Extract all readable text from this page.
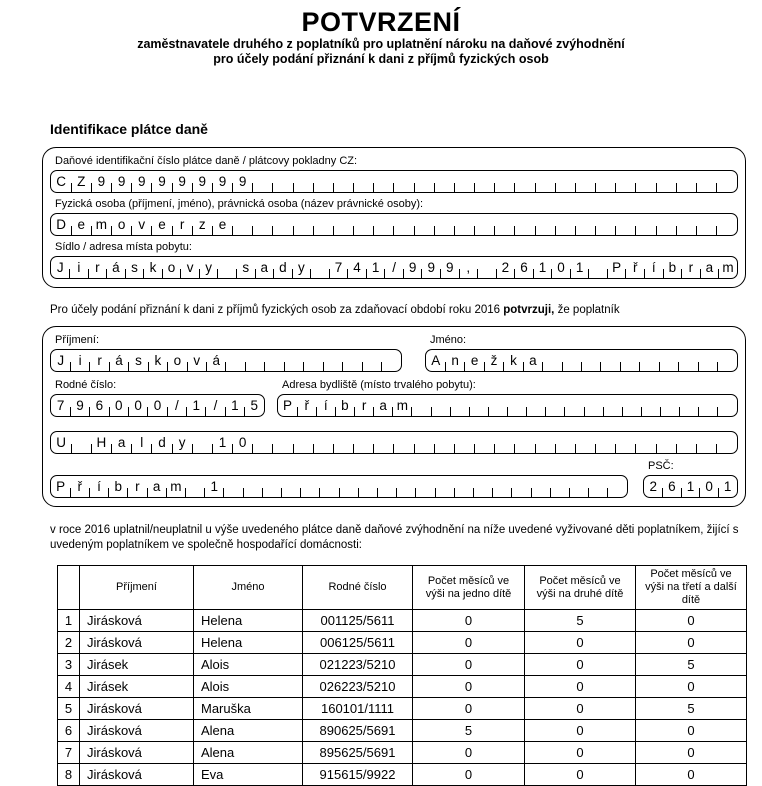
POTVRZENÍ
zaměstnavatele druhého z poplatníků pro uplatnění nároku na daňové zvýhodnění
pro účely podání přiznání k dani z příjmů fyzických osob
Identifikace plátce daně
Daňové identifikační číslo plátce daně / plátcovy pokladny CZ:
C Z 9 9 9 9 9 9 9 9
Fyzická osoba (příjmení, jméno), právnická osoba (název právnické osoby):
D e m o v e	r	z e
Sídlo / adresa místa pobytu:
J	i	r á s k o v y	s a d y	7 4 1 / 9 9 9 ,	2 6 1 0 1	P ř	í b r a m

Pro účely podání přiznání k dani z příjmů fyzických osob za zdaňovací období roku 2016 potvrzuji, že poplatník

Příjmení:
J	i	r á s k o v á
Jméno:
A n e ž k a
Rodné číslo:
7 9 6 0 0 0	/	1	/	1 5
Adresa bydliště (místo trvalého pobytu):
P ř	í b r a m
U	H a	l	d y	1 0
P ř	í	b r a m	1
PSČ:
2 6 1 0 1

v roce 2016 uplatnil/neuplatnil u výše uvedeného plátce daně daňové zvýhodnění na níže uvedené vyživované děti poplatníkem, žijící s uvedeným poplatníkem ve společně hospodařící domácnosti:

	Příjmení	Jméno	Rodné číslo	Počet měsíců ve výši na jedno dítě	Počet měsíců ve výši na druhé dítě	Počet měsíců ve výši na třetí a další dítě
1	Jirásková	Helena	001125/5611	0	5	0
2	Jirásková	Helena	006125/5611	0	0	0
3	Jirásek	Alois	021223/5210	0	0	5
4	Jirásek	Alois	026223/5210	0	0	0
5	Jirásková	Maruška	160101/1111	0	0	5
6	Jirásková	Alena	890625/5691	5	0	0
7	Jirásková	Alena	895625/5691	0	0	0
8	Jirásková	Eva	915615/9922	0	0	0
